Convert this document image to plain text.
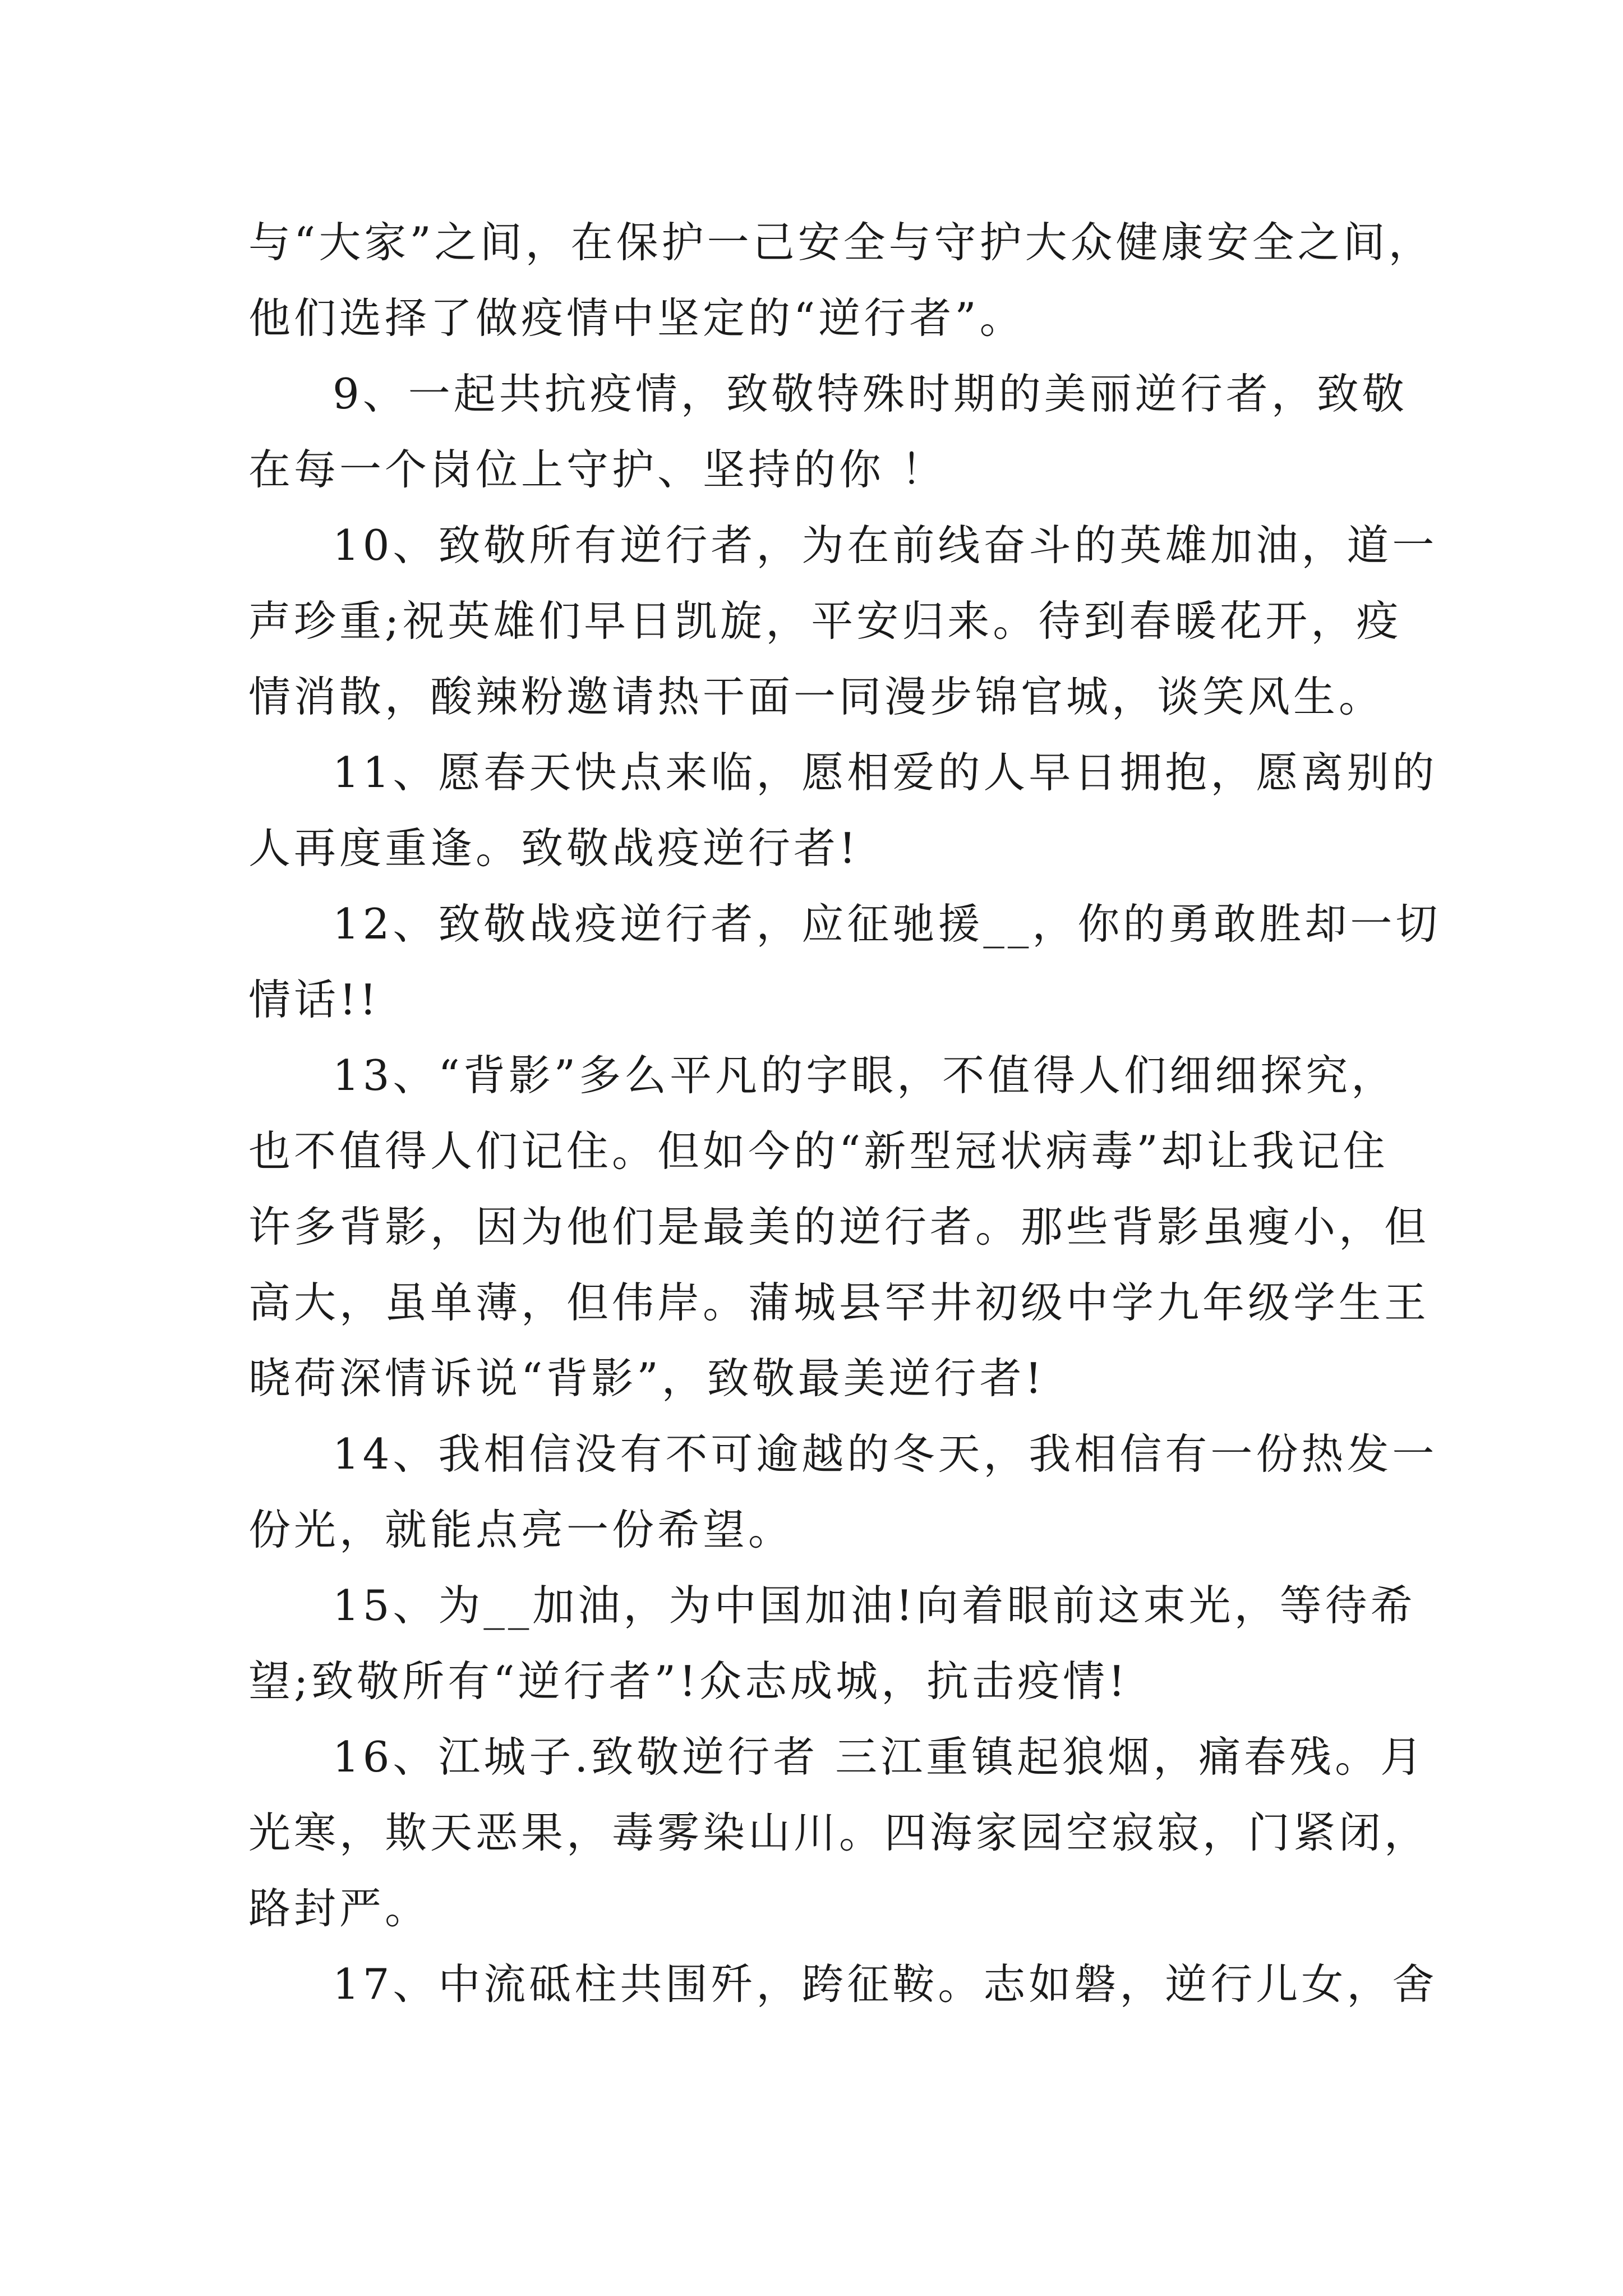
与“大家”之间，在保护一己安全与守护大众健康安全之间，
他们选择了做疫情中坚定的“逆行者”。

9、一起共抗疫情，致敬特殊时期的美丽逆行者，致敬
在每一个岗位上守护、坚持的你 ！

10、致敬所有逆行者，为在前线奋斗的英雄加油，道一
声珍重;祝英雄们早日凯旋，平安归来。待到春暖花开，疫
情消散，酸辣粉邀请热干面一同漫步锦官城，谈笑风生。

11、愿春天快点来临，愿相爱的人早日拥抱，愿离别的
人再度重逢。致敬战疫逆行者!

12、致敬战疫逆行者，应征驰援__，你的勇敢胜却一切
情话!!

13、“背影”多么平凡的字眼，不值得人们细细探究，
也不值得人们记住。但如今的“新型冠状病毒”却让我记住
许多背影，因为他们是最美的逆行者。那些背影虽瘦小，但
高大，虽单薄，但伟岸。蒲城县罕井初级中学九年级学生王
晓荷深情诉说“背影”，致敬最美逆行者!

14、我相信没有不可逾越的冬天，我相信有一份热发一
份光，就能点亮一份希望。

15、为__加油，为中国加油!向着眼前这束光，等待希
望;致敬所有“逆行者”!众志成城，抗击疫情!

16、江城子.致敬逆行者 三江重镇起狼烟，痛春残。月
光寒，欺天恶果，毒雾染山川。四海家园空寂寂，门紧闭，
路封严。

17、中流砥柱共围歼，跨征鞍。志如磐，逆行儿女，舍
